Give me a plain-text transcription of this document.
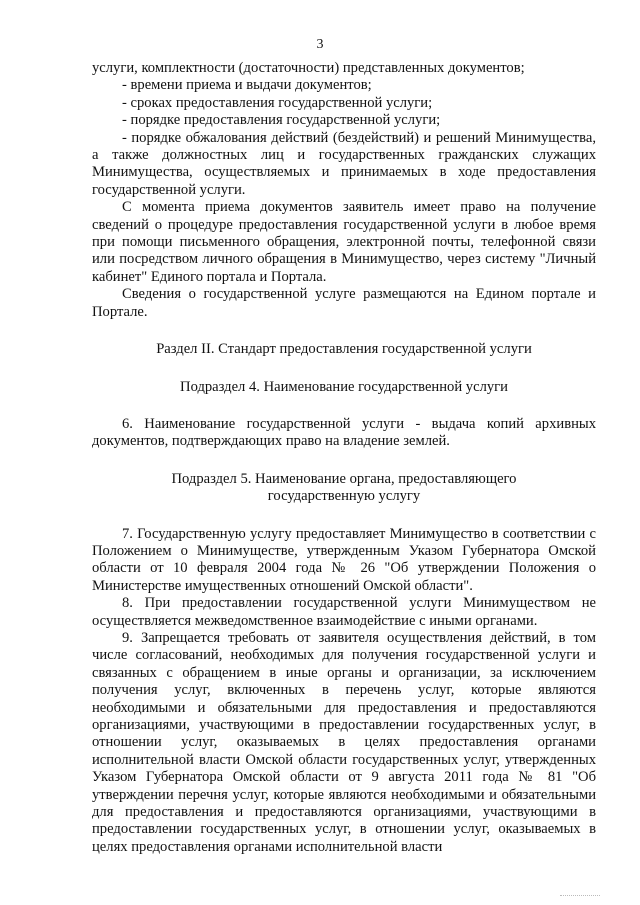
3

услуги, комплектности (достаточности) представленных документов;

- времени приема и выдачи документов;

- сроках предоставления государственной услуги;

- порядке предоставления государственной услуги;

- порядке обжалования действий (бездействий) и решений Минимущества, а также должностных лиц и государственных гражданских служащих Минимущества, осуществляемых и принимаемых в ходе предоставления государственной услуги.

С момента приема документов заявитель имеет право на получение сведений о процедуре предоставления государственной услуги в любое время при помощи письменного обращения, электронной почты, телефонной связи или посредством личного обращения в Минимущество, через систему "Личный кабинет" Единого портала и Портала.

Сведения о государственной услуге размещаются на Едином портале и Портале.

Раздел II. Стандарт предоставления государственной услуги

Подраздел 4. Наименование государственной услуги

6. Наименование государственной услуги - выдача копий архивных документов, подтверждающих право на владение землей.

Подраздел 5. Наименование органа, предоставляющего

государственную услугу

7. Государственную услугу предоставляет Минимущество в соответствии с Положением о Минимуществе, утвержденным Указом Губернатора Омской области от 10 февраля 2004 года № 26 "Об утверждении Положения о Министерстве имущественных отношений Омской области".

8. При предоставлении государственной услуги Минимуществом не осуществляется межведомственное взаимодействие с иными органами.

9. Запрещается требовать от заявителя осуществления действий, в том числе согласований, необходимых для получения государственной услуги и связанных с обращением в иные органы и организации, за исключением получения услуг, включенных в перечень услуг, которые являются необходимыми и обязательными для предоставления и предоставляются организациями, участвующими в предоставлении государственных услуг, в отношении услуг, оказываемых в целях предоставления органами исполнительной власти Омской области государственных услуг, утвержденных Указом Губернатора Омской области от 9 августа 2011 года № 81 "Об утверждении перечня услуг, которые являются необходимыми и обязательными для предоставления и предоставляются организациями, участвующими в предоставлении государственных услуг, в отношении услуг, оказываемых в целях предоставления органами исполнительной власти
